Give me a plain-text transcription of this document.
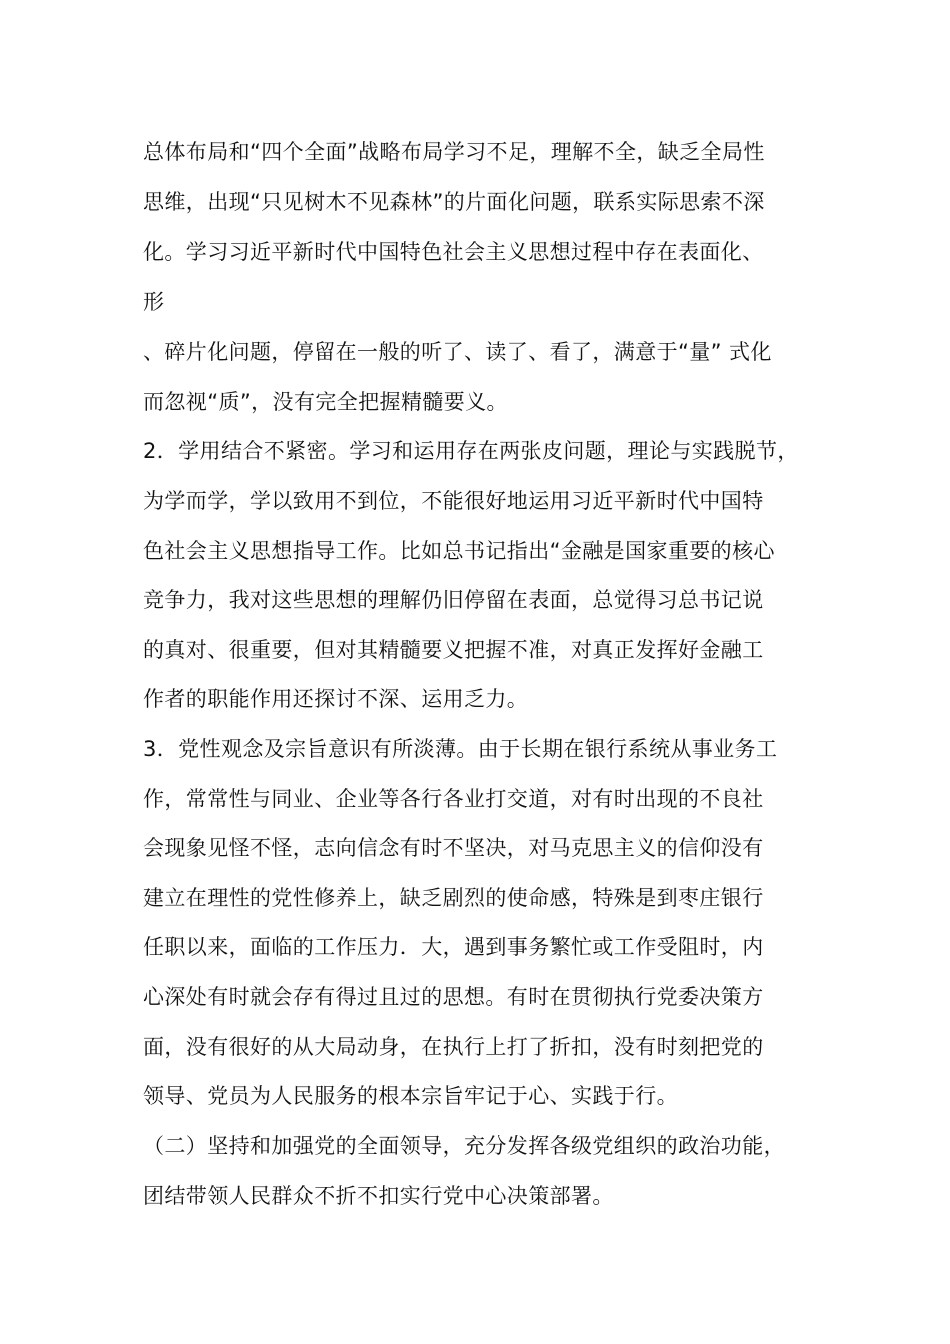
总体布局和“四个全面”战略布局学习不足，理解不全，缺乏全局性
思维，出现“只见树木不见森林”的片面化问题，联系实际思索不深
化。学习习近平新时代中国特色社会主义思想过程中存在表面化、
形
、碎片化问题，停留在一般的听了、读了、看了，满意于“量” 式化
而忽视“质”，没有完全把握精髓要义。
2．学用结合不紧密。学习和运用存在两张皮问题，理论与实践脱节，
为学而学，学以致用不到位，不能很好地运用习近平新时代中国特
色社会主义思想指导工作。比如总书记指出“金融是国家重要的核心
竞争力，我对这些思想的理解仍旧停留在表面，总觉得习总书记说
的真对、很重要，但对其精髓要义把握不准，对真正发挥好金融工
作者的职能作用还探讨不深、运用乏力。
3．党性观念及宗旨意识有所淡薄。由于长期在银行系统从事业务工
作，常常性与同业、企业等各行各业打交道，对有时出现的不良社
会现象见怪不怪，志向信念有时不坚决，对马克思主义的信仰没有
建立在理性的党性修养上，缺乏剧烈的使命感，特殊是到枣庄银行
任职以来，面临的工作压力．大，遇到事务繁忙或工作受阻时，内
心深处有时就会存有得过且过的思想。有时在贯彻执行党委决策方
面，没有很好的从大局动身，在执行上打了折扣，没有时刻把党的
领导、党员为人民服务的根本宗旨牢记于心、实践于行。
（二）坚持和加强党的全面领导，充分发挥各级党组织的政治功能，
团结带领人民群众不折不扣实行党中心决策部署。
